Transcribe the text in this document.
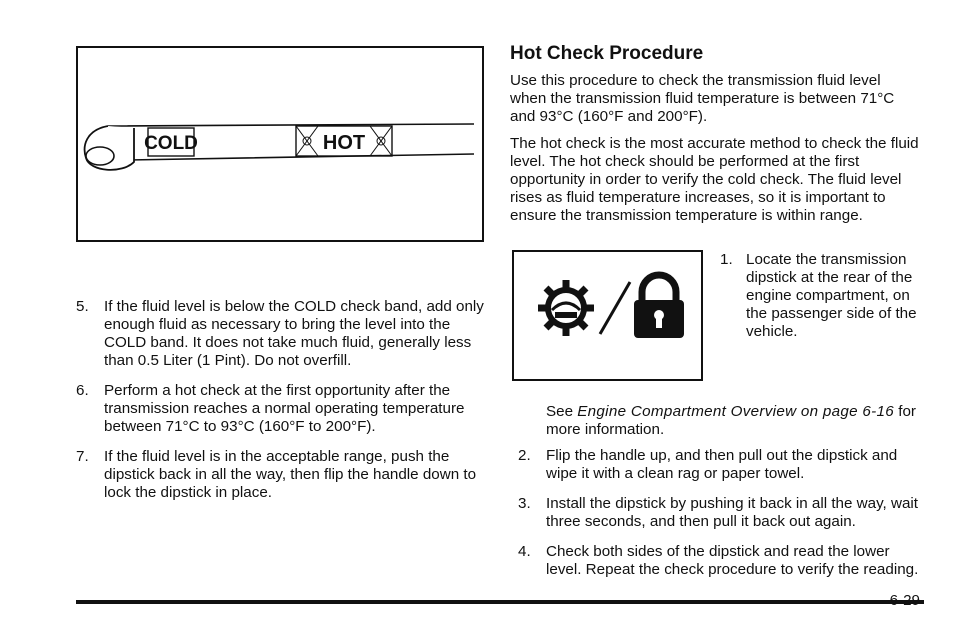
COLD	HOT
5. If the fluid level is below the COLD check band, add only enough fluid as necessary to bring the level into the COLD band. It does not take much fluid, generally less than 0.5 Liter (1 Pint). Do not overfill.
6. Perform a hot check at the first opportunity after the transmission reaches a normal operating temperature between 71°C to 93°C (160°F to 200°F).
7. If the fluid level is in the acceptable range, push the dipstick back in all the way, then flip the handle down to lock the dipstick in place.
Hot Check Procedure

Use this procedure to check the transmission fluid level when the transmission fluid temperature is between 71°C and 93°C (160°F and 200°F).

The hot check is the most accurate method to check the fluid level. The hot check should be performed at the first opportunity in order to verify the cold check. The fluid level rises as fluid temperature increases, so it is important to ensure the transmission temperature is within range.

1. Locate the transmission dipstick at the rear of the engine compartment, on the passenger side of the vehicle.
See Engine Compartment Overview on page 6-16 for more information.
2. Flip the handle up, and then pull out the dipstick and wipe it with a clean rag or paper towel.
3. Install the dipstick by pushing it back in all the way, wait three seconds, and then pull it back out again.
4. Check both sides of the dipstick and read the lower level. Repeat the check procedure to verify the reading.
6-29
